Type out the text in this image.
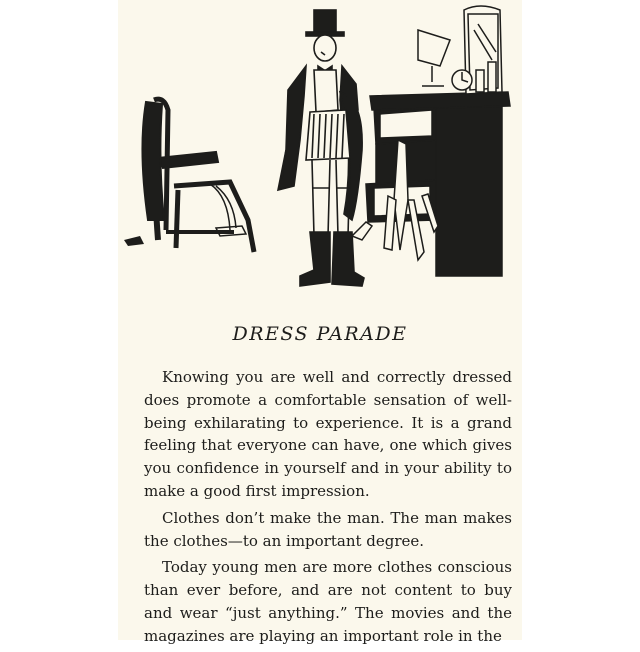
DRESS PARADE

Knowing you are well and correctly dressed does promote a comfortable sensation of well-being exhilarating to experience. It is a grand feeling that everyone can have, one which gives you confidence in yourself and in your ability to make a good first impression.

Clothes don’t make the man. The man makes the clothes—to an important degree.

Today young men are more clothes conscious than ever before, and are not content to buy and wear “just anything.” The movies and the magazines are playing an important role in the
